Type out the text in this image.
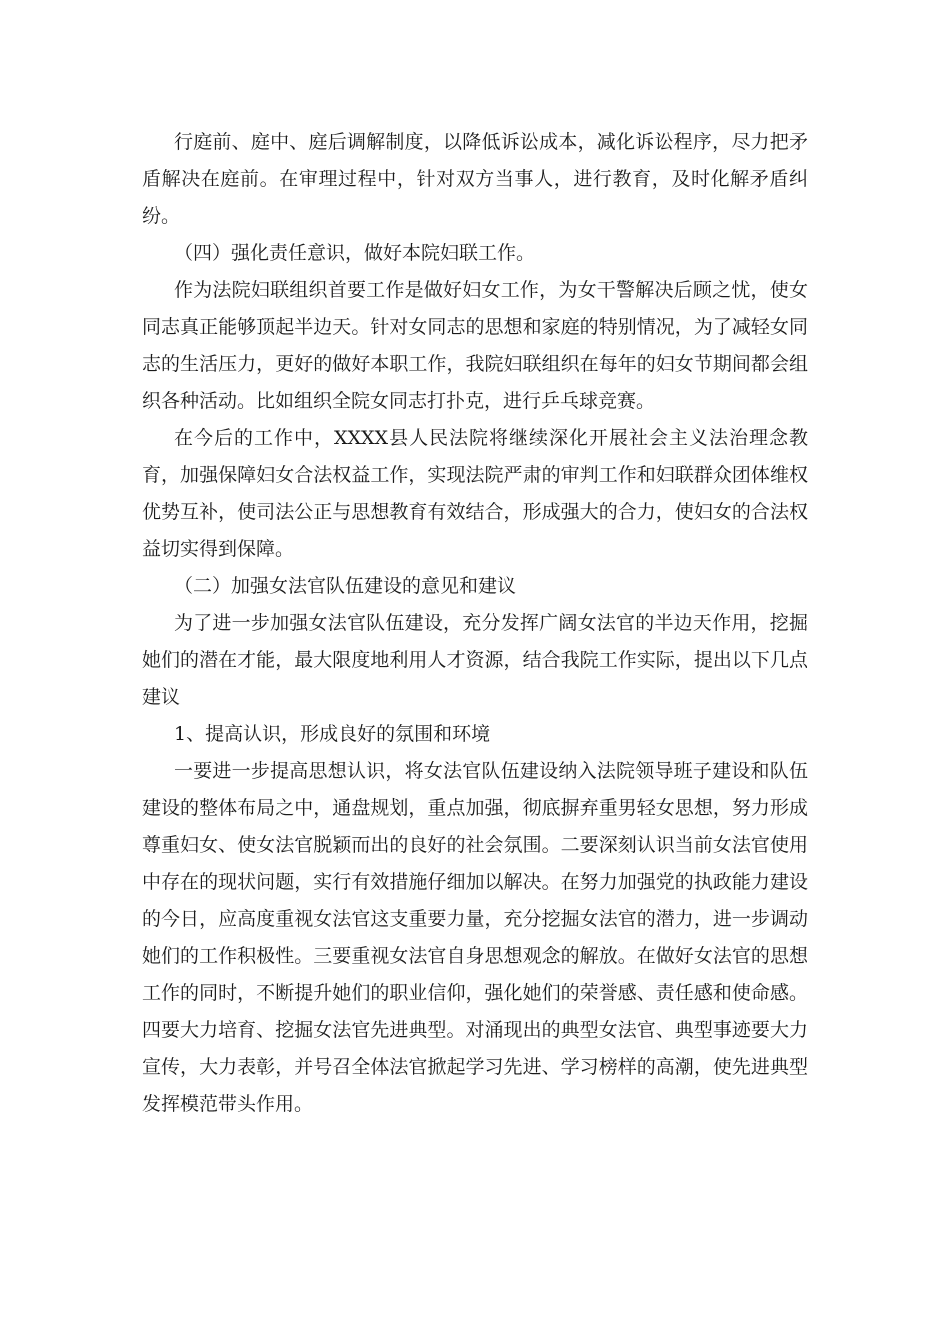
行庭前、庭中、庭后调解制度，以降低诉讼成本，减化诉讼程序，尽力把矛盾解决在庭前。在审理过程中，针对双方当事人，进行教育，及时化解矛盾纠纷。

（四）强化责任意识，做好本院妇联工作。

作为法院妇联组织首要工作是做好妇女工作，为女干警解决后顾之忧，使女同志真正能够顶起半边天。针对女同志的思想和家庭的特别情况，为了减轻女同志的生活压力，更好的做好本职工作，我院妇联组织在每年的妇女节期间都会组织各种活动。比如组织全院女同志打扑克，进行乒乓球竞赛。

在今后的工作中，XXXX县人民法院将继续深化开展社会主义法治理念教育，加强保障妇女合法权益工作，实现法院严肃的审判工作和妇联群众团体维权优势互补，使司法公正与思想教育有效结合，形成强大的合力，使妇女的合法权益切实得到保障。

（二）加强女法官队伍建设的意见和建议

为了进一步加强女法官队伍建设，充分发挥广阔女法官的半边天作用，挖掘她们的潜在才能，最大限度地利用人才资源，结合我院工作实际，提出以下几点建议

1、提高认识，形成良好的氛围和环境

一要进一步提高思想认识，将女法官队伍建设纳入法院领导班子建设和队伍建设的整体布局之中，通盘规划，重点加强，彻底摒弃重男轻女思想，努力形成尊重妇女、使女法官脱颖而出的良好的社会氛围。二要深刻认识当前女法官使用中存在的现状问题，实行有效措施仔细加以解决。在努力加强党的执政能力建设的今日，应高度重视女法官这支重要力量，充分挖掘女法官的潜力，进一步调动她们的工作积极性。三要重视女法官自身思想观念的解放。在做好女法官的思想工作的同时，不断提升她们的职业信仰，强化她们的荣誉感、责任感和使命感。四要大力培育、挖掘女法官先进典型。对涌现出的典型女法官、典型事迹要大力宣传，大力表彰，并号召全体法官掀起学习先进、学习榜样的高潮，使先进典型发挥模范带头作用。
